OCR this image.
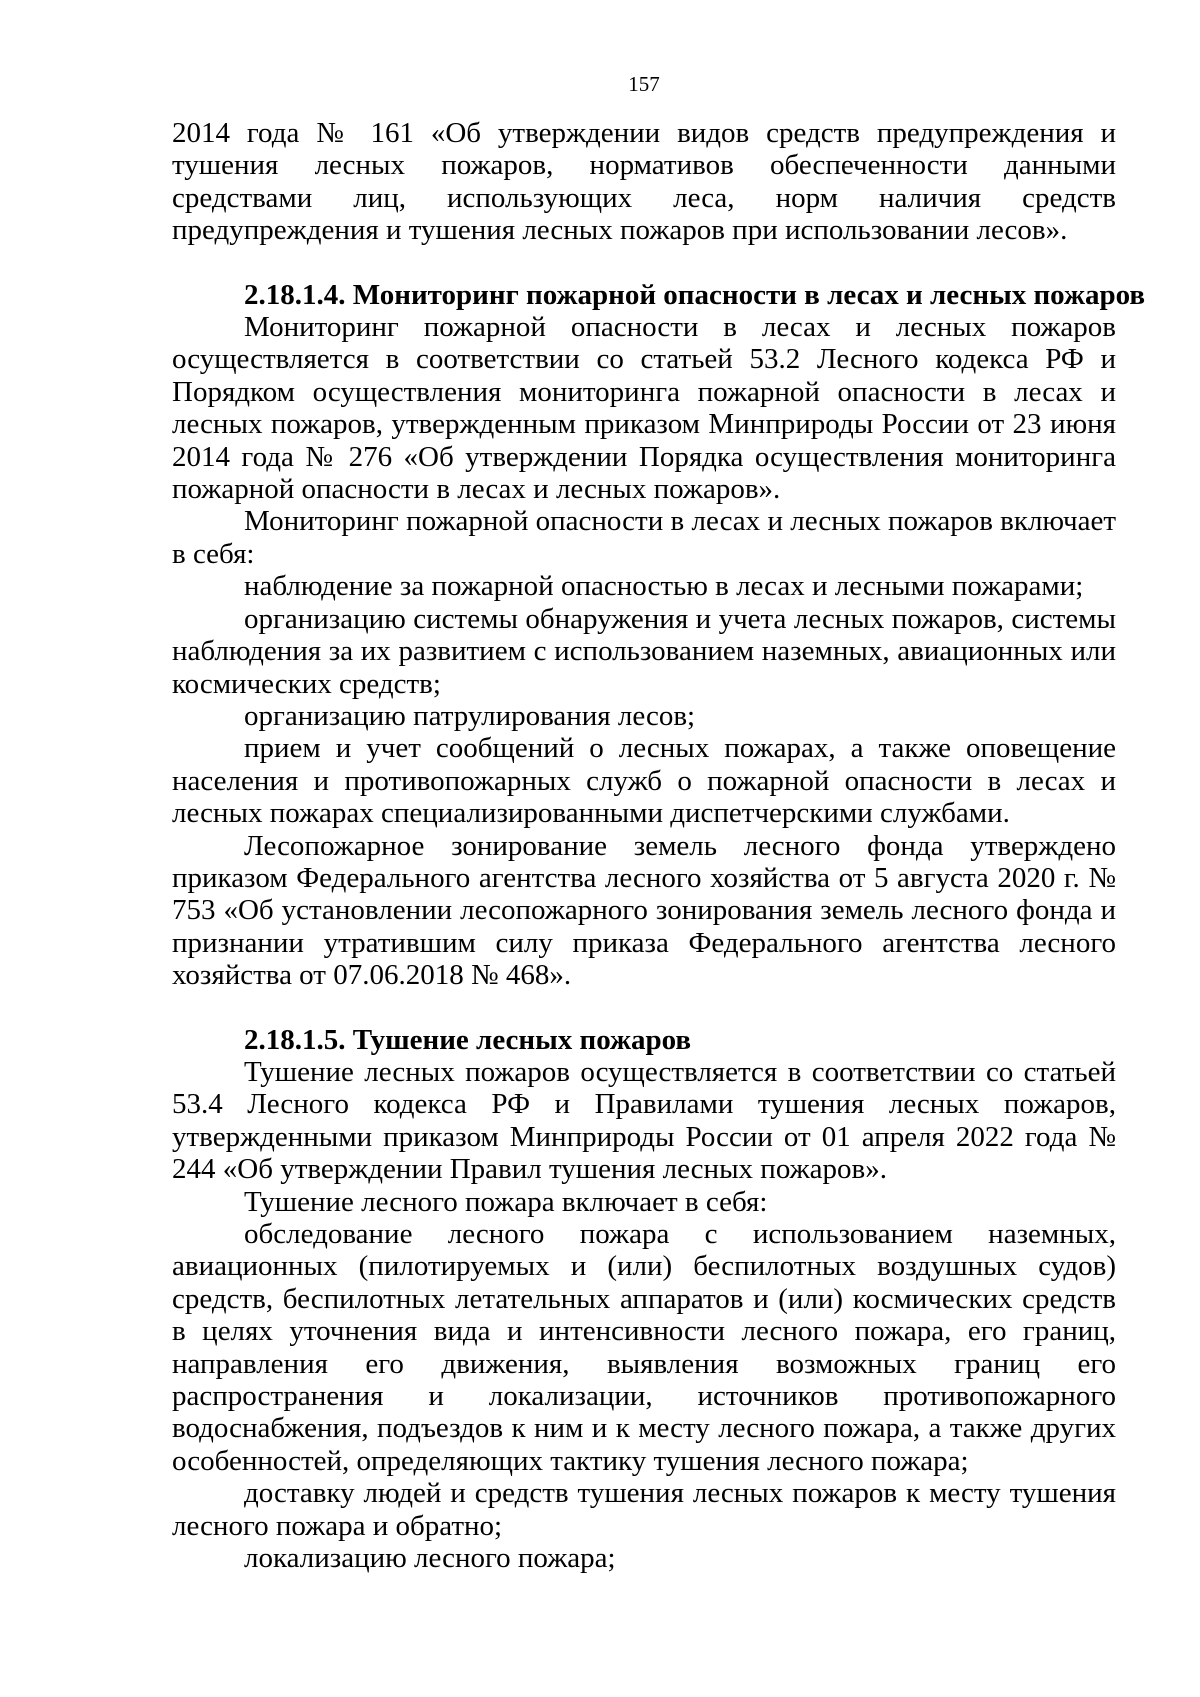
157

2014 года № 161 «Об утверждении видов средств предупреждения и тушения лесных пожаров, нормативов обеспеченности данными средствами лиц, использующих леса, норм наличия средств предупреждения и тушения лесных пожаров при использовании лесов».

2.18.1.4. Мониторинг пожарной опасности в лесах и лесных пожаров

Мониторинг пожарной опасности в лесах и лесных пожаров осуществляется в соответствии со статьей 53.2 Лесного кодекса РФ и Порядком осуществления мониторинга пожарной опасности в лесах и лесных пожаров, утвержденным приказом Минприроды России от 23 июня 2014 года № 276 «Об утверждении Порядка осуществления мониторинга пожарной опасности в лесах и лесных пожаров».

Мониторинг пожарной опасности в лесах и лесных пожаров включает в себя:

наблюдение за пожарной опасностью в лесах и лесными пожарами;

организацию системы обнаружения и учета лесных пожаров, системы наблюдения за их развитием с использованием наземных, авиационных или космических средств;

организацию патрулирования лесов;

прием и учет сообщений о лесных пожарах, а также оповещение населения и противопожарных служб о пожарной опасности в лесах и лесных пожарах специализированными диспетчерскими службами.

Лесопожарное зонирование земель лесного фонда утверждено приказом Федерального агентства лесного хозяйства от 5 августа 2020 г. № 753 «Об установлении лесопожарного зонирования земель лесного фонда и признании утратившим силу приказа Федерального агентства лесного хозяйства от 07.06.2018 № 468».

2.18.1.5. Тушение лесных пожаров

Тушение лесных пожаров осуществляется в соответствии со статьей 53.4 Лесного кодекса РФ и Правилами тушения лесных пожаров, утвержденными приказом Минприроды России от 01 апреля 2022 года № 244 «Об утверждении Правил тушения лесных пожаров».

Тушение лесного пожара включает в себя:

обследование лесного пожара с использованием наземных, авиационных (пилотируемых и (или) беспилотных воздушных судов) средств, беспилотных летательных аппаратов и (или) космических средств в целях уточнения вида и интенсивности лесного пожара, его границ, направления его движения, выявления возможных границ его распространения и локализации, источников противопожарного водоснабжения, подъездов к ним и к месту лесного пожара, а также других особенностей, определяющих тактику тушения лесного пожара;

доставку людей и средств тушения лесных пожаров к месту тушения лесного пожара и обратно;

локализацию лесного пожара;
